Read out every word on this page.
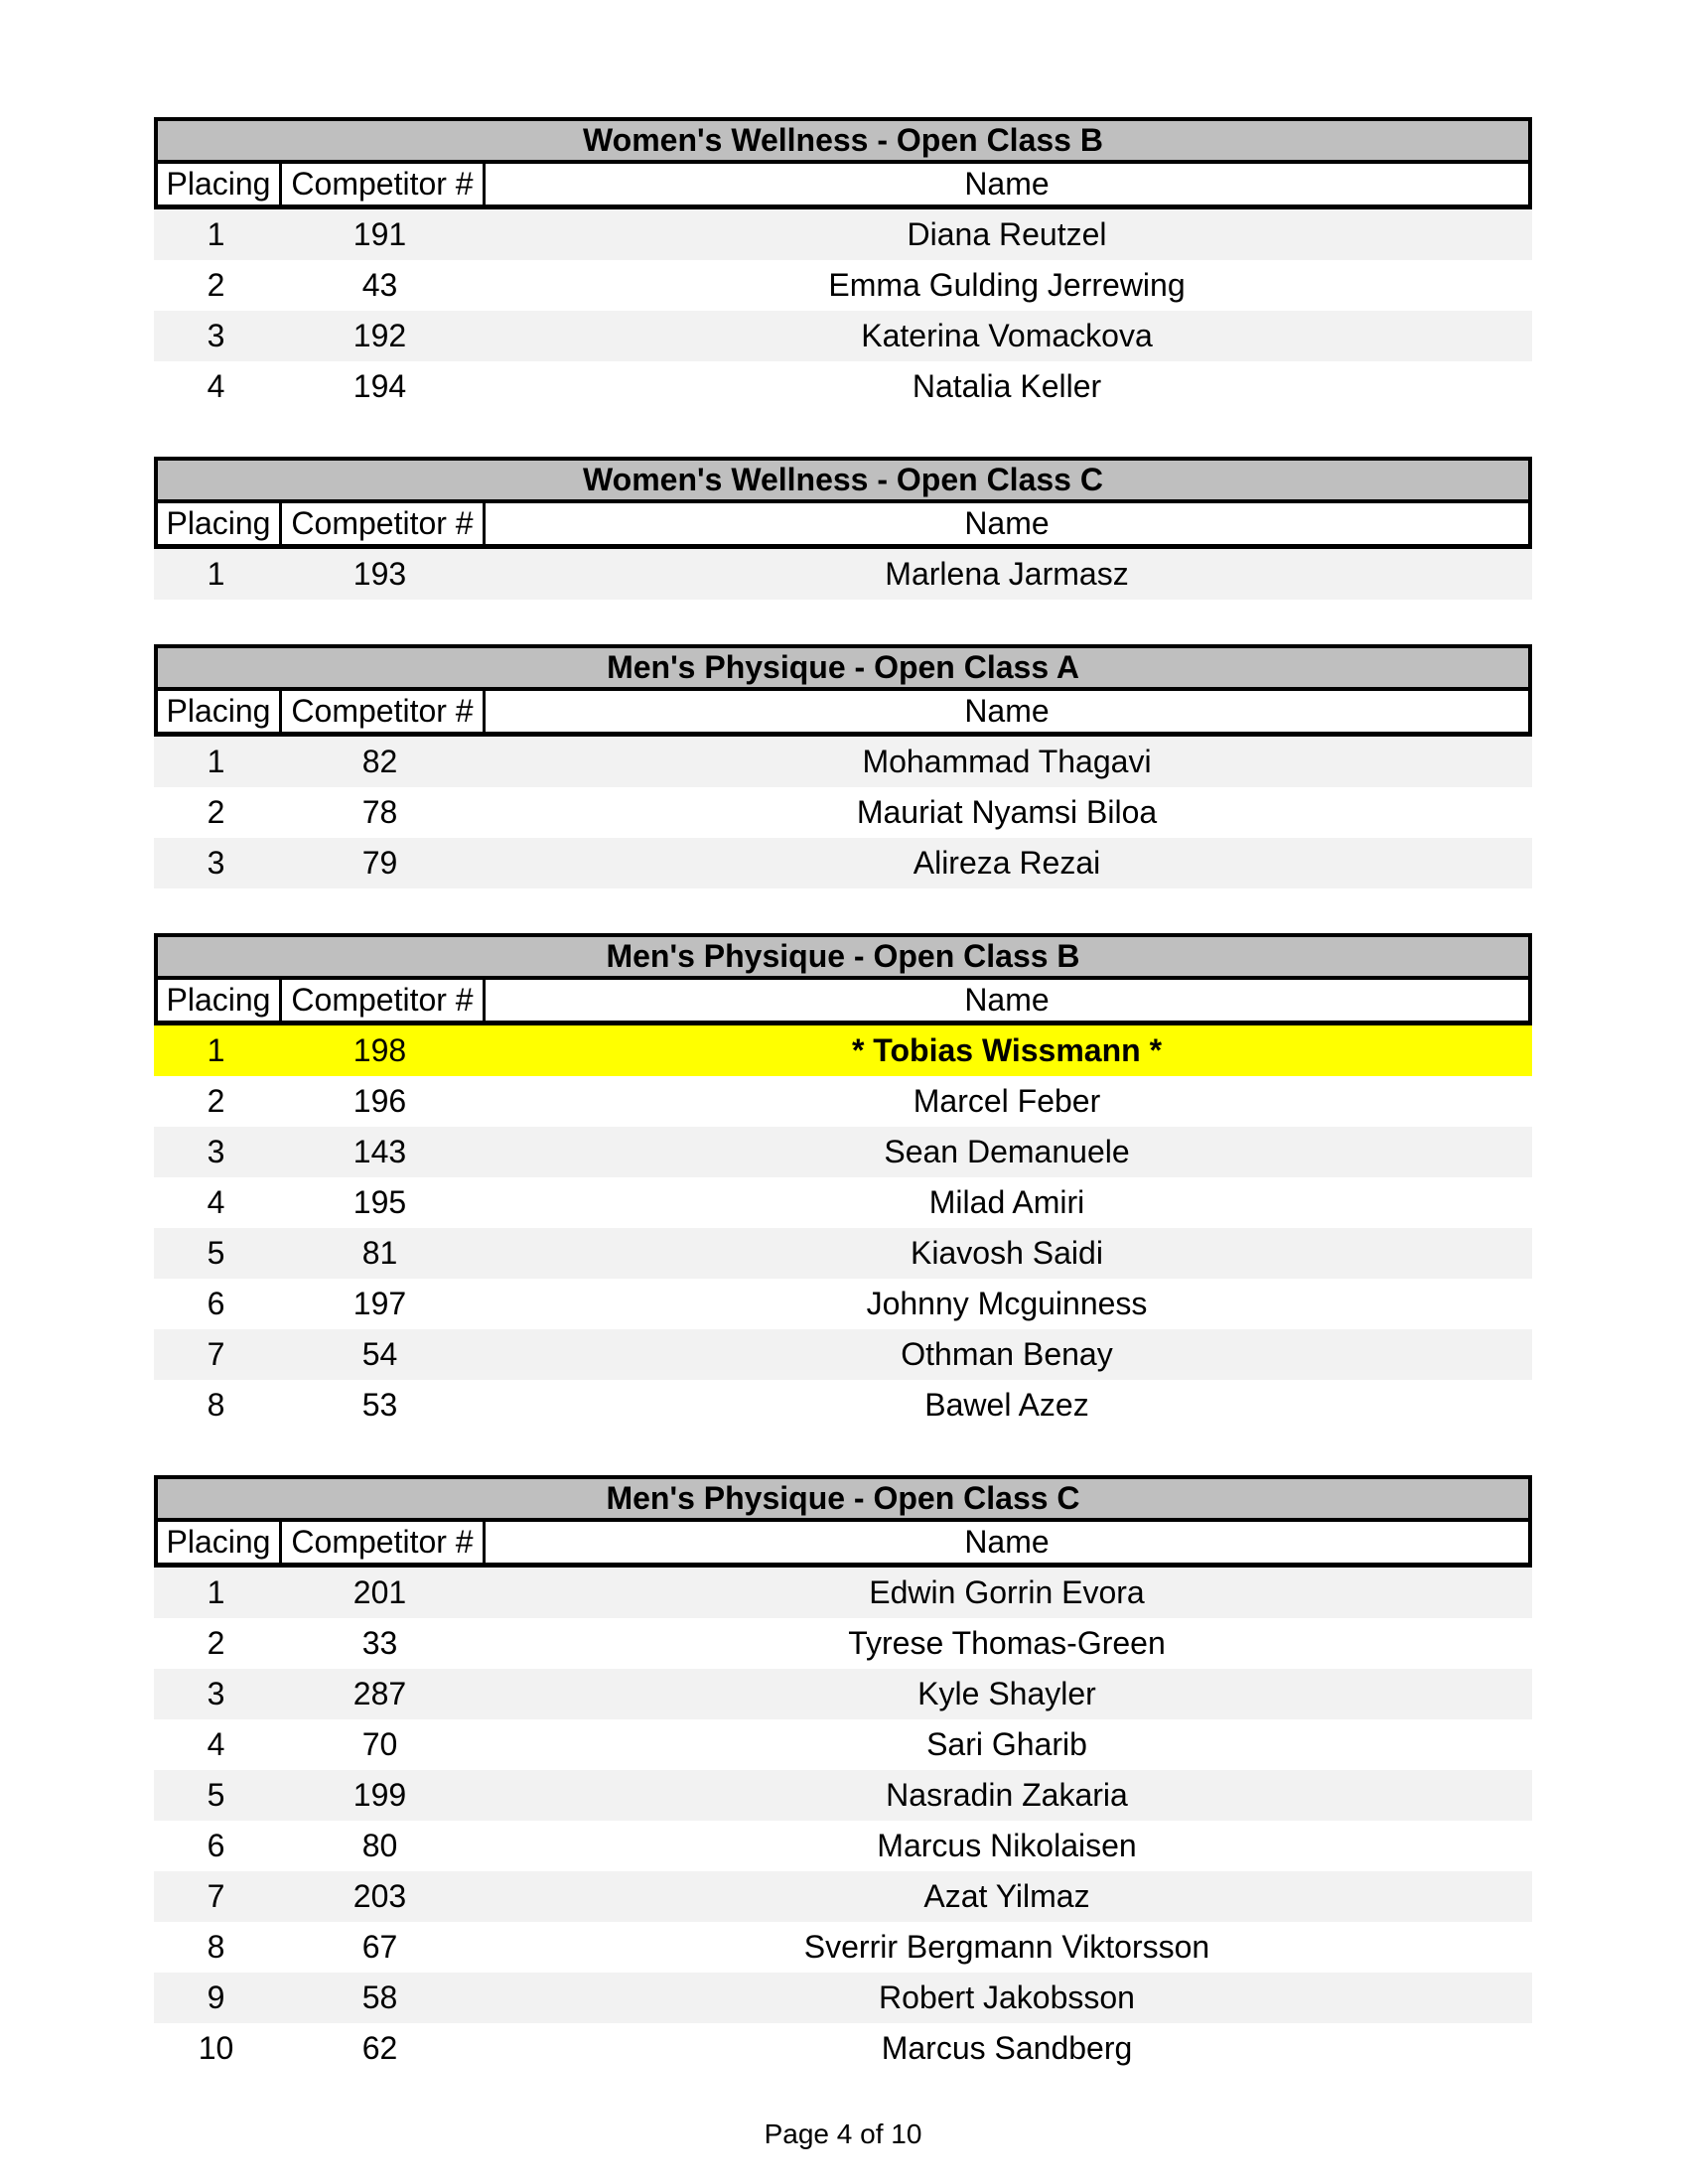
Women's Wellness - Open Class B
Placing Competitor #	Name
1	191	Diana Reutzel
2	43	Emma Gulding Jerrewing
3	192	Katerina Vomackova
4	194	Natalia Keller
Women's Wellness - Open Class C
Placing Competitor #	Name
1	193	Marlena Jarmasz
Men's Physique - Open Class A
Placing Competitor #	Name
1	82	Mohammad Thagavi
2	78	Mauriat Nyamsi Biloa
3	79	Alireza Rezai
Men's Physique - Open Class B
Placing Competitor #	Name
1	198	* Tobias Wissmann *
2	196	Marcel Feber
3	143	Sean Demanuele
4	195	Milad Amiri
5	81	Kiavosh Saidi
6	197	Johnny Mcguinness
7	54	Othman Benay
8	53	Bawel Azez
Men's Physique - Open Class C
Placing Competitor #	Name
1	201	Edwin Gorrin Evora
2	33	Tyrese Thomas-Green
3	287	Kyle Shayler
4	70	Sari Gharib
5	199	Nasradin Zakaria
6	80	Marcus Nikolaisen
7	203	Azat Yilmaz
8	67	Sverrir Bergmann Viktorsson
9	58	Robert Jakobsson
10	62	Marcus Sandberg
Page 4 of 10
